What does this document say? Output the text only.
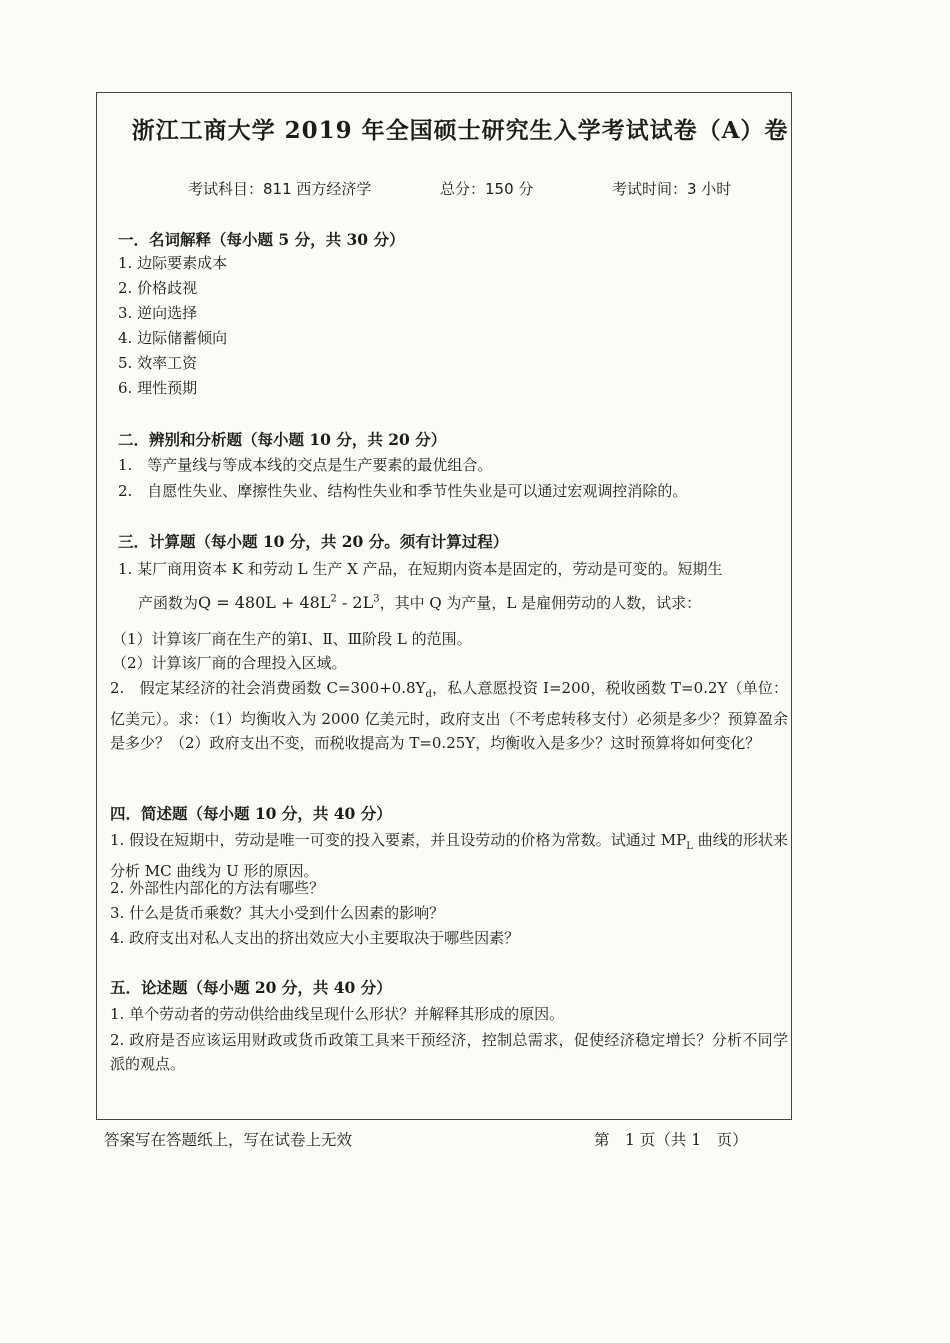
浙江工商大学 2019 年全国硕士研究生入学考试试卷（A）卷
考试科目：811 西方经济学	总分：150 分	考试时间：3 小时
一．名词解释（每小题 5 分，共 30 分）
1. 边际要素成本
2. 价格歧视
3. 逆向选择
4. 边际储蓄倾向
5. 效率工资
6. 理性预期
二．辨别和分析题（每小题 10 分，共 20 分）
1.　等产量线与等成本线的交点是生产要素的最优组合。
2.　自愿性失业、摩擦性失业、结构性失业和季节性失业是可以通过宏观调控消除的。
三．计算题（每小题 10 分，共 20 分。须有计算过程）
1. 某厂商用资本 K 和劳动 L 生产 X 产品，在短期内资本是固定的，劳动是可变的。短期生
产函数为$Q = 480L + 48L^2 - 2L^3$，其中 Q 为产量，L 是雇佣劳动的人数，试求：
（1）计算该厂商在生产的第Ⅰ、Ⅱ、Ⅲ阶段 L 的范围。
（2）计算该厂商的合理投入区域。
2.　假定某经济的社会消费函数 $C=300+0.8Y_d$，私人意愿投资 I=200，税收函数 T=0.2Y（单位：亿美元）。求：（1）均衡收入为 2000 亿美元时，政府支出（不考虑转移支付）必须是多少？预算盈余是多少？（2）政府支出不变，而税收提高为 T=0.25Y，均衡收入是多少？这时预算将如何变化？
四．简述题（每小题 10 分，共 40 分）
1. 假设在短期中，劳动是唯一可变的投入要素，并且设劳动的价格为常数。试通过 $MP_L$ 曲线的形状来分析 MC 曲线为 U 形的原因。
2. 外部性内部化的方法有哪些？
3. 什么是货币乘数？其大小受到什么因素的影响？
4. 政府支出对私人支出的挤出效应大小主要取决于哪些因素？
五．论述题（每小题 20 分，共 40 分）
1. 单个劳动者的劳动供给曲线呈现什么形状？并解释其形成的原因。
2. 政府是否应该运用财政或货币政策工具来干预经济，控制总需求，促使经济稳定增长？分析不同学派的观点。
答案写在答题纸上，写在试卷上无效	第　1 页（共 1　页）
